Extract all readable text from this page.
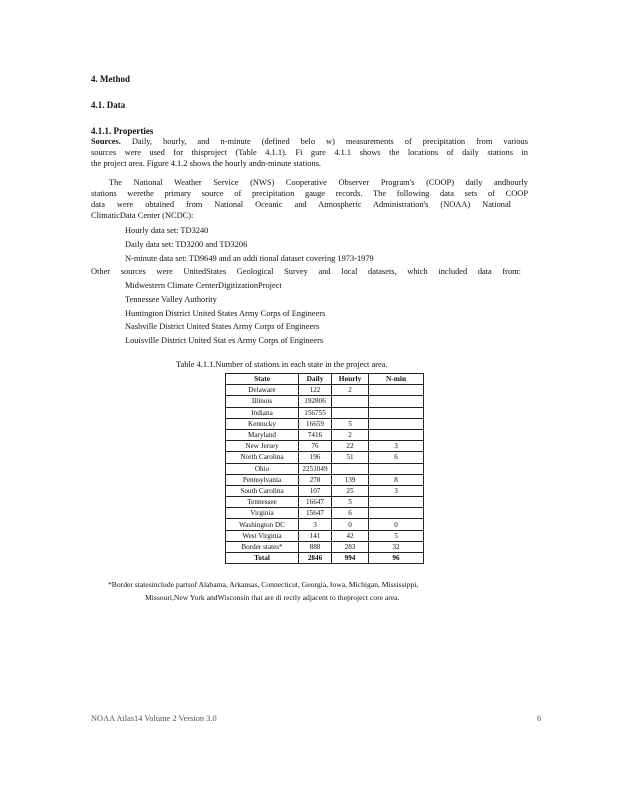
4. Method
4.1. Data
4.1.1. Properties
Sources. Daily, hourly, and n-minute (defined belo w) measurements of precipitation from various
sources were used for thisproject (Table 4.1.1). Fi gure 4.1.1 shows the locations of daily stations in
the project area. Figure 4.1.2 shows the hourly andn-minute stations.
The National Weather Service (NWS) Cooperative Observer Program's (COOP) daily andhourly
stations werethe primary source of precipitation gauge records. The following data sets of COOP
data were obtained from National Oceanic and Atmospheric Administration's (NOAA) National
ClimaticData Center (NCDC):
Hourly data set: TD3240
Daily data set: TD3200 and TD3206
N-minute data set: TD9649 and an addi tional dataset covering 1973-1979
Other sources were UnitedStates Geological Survey and local datasets, which included data from:
Midwestern Climate CenterDigitizationProject
Tennessee Valley Authority
Huntington District United States Army Corps of Engineers
Nashville District United States Army Corps of Engineers
Louisville District United Stat es Army Corps of Engineers
Table 4.1.1.Number of stations in each state in the project area.
State	Daily	Hourly	N-min
Delaware	122	2	
Illinois	192806		
Indiana	156755		
Kentucky	16659	5	
Maryland	7416	2	
New Jersey	76	22	3
North Carolina	196	51	6
Ohio	2251049		
Pennsylvania	278	139	8
South Carolina	107	25	3
Tennessee	16647	5	
Virginia	15647	6	
Washington DC	3	0	0
West Virginia	141	42	5
Border states*	888	283	32
Total	2846	994	96
*Border statesinclude partsof Alabama, Arkansas, Connecticut, Georgia, Iowa, Michigan, Mississippi,
Missouri,New York andWisconsin that are di rectly adjacent to theproject core area.
NOAA Atlas14 Volume 2 Version 3.0	6
